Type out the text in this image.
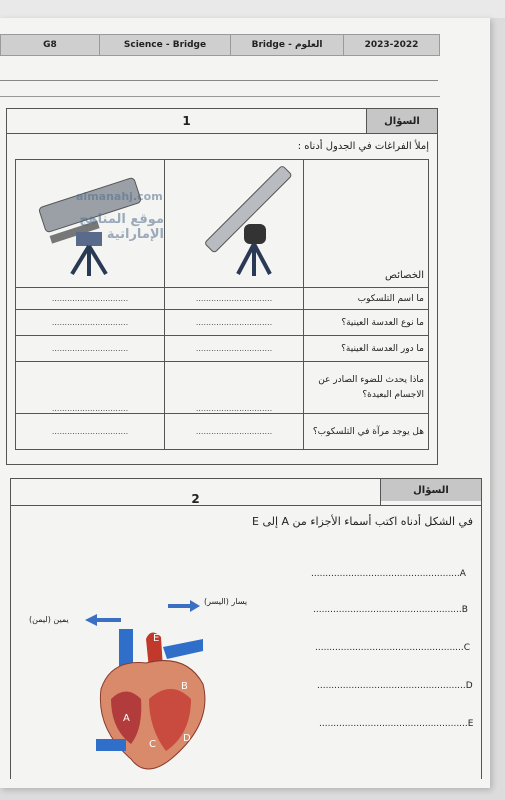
G8	Science - Bridge	Bridge - العلوم	2023-2022
1	السؤال
إملأ الفراغات في الجدول أدناه :
almanahj.com
موقع المناهج الإماراتية		الخصائص
..............................	..............................	ما اسم التلسكوب
..............................	..............................	ما نوع العدسة العينية؟
..............................	..............................	ما دور العدسة العينية؟
..............................	..............................	ماذا يحدث للضوء الصادر عن الاجسام البعيدة؟
..............................	..............................	هل يوجد مرآة في التلسكوب؟
2
السؤال
في الشكل أدناه اكتب أسماء الأجزاء من A إلى E
....................................................A
....................................................B
....................................................C
....................................................D
....................................................E
يسار (اليسر)
يمين (ليمن)
E
B
A
C
D
